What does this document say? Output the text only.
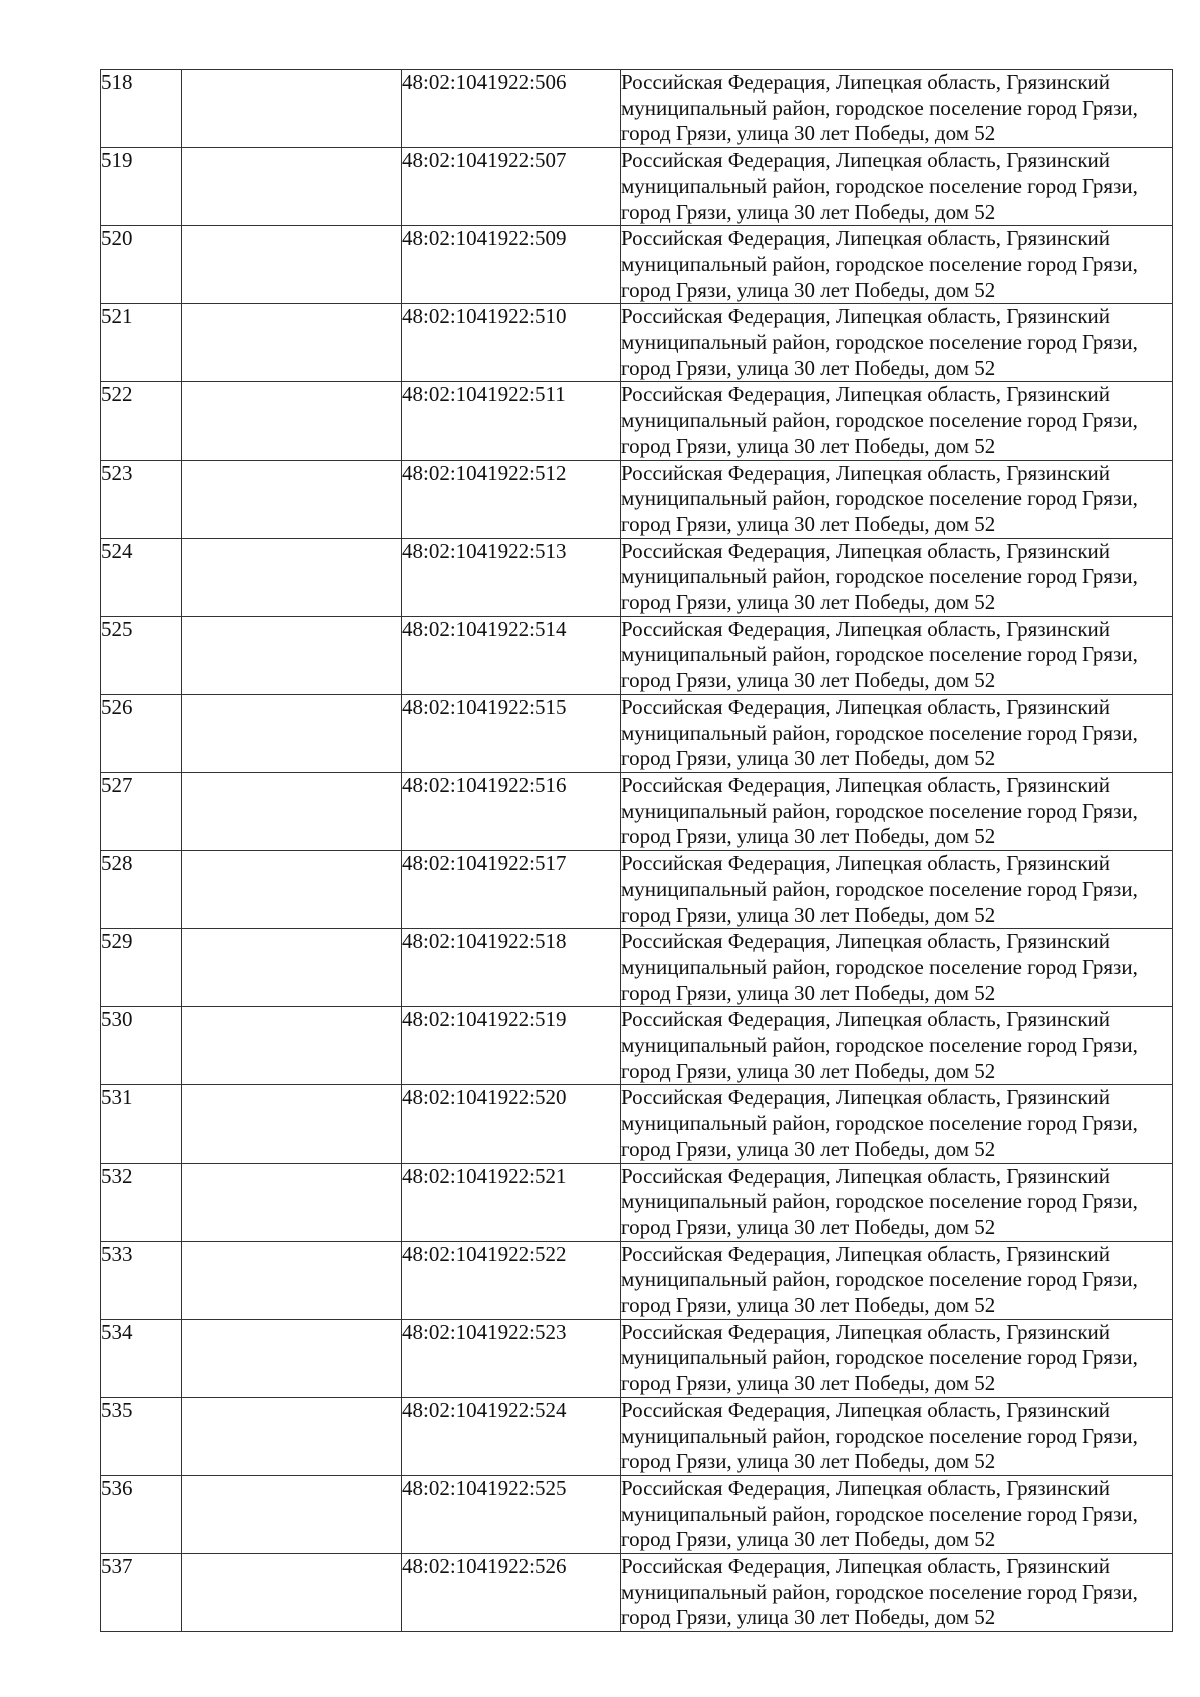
518		48:02:1041922:506	Российская Федерация, Липецкая область, Грязинский муниципальный район, городское поселение город Грязи, город Грязи, улица 30 лет Победы, дом 52

519		48:02:1041922:507	Российская Федерация, Липецкая область, Грязинский муниципальный район, городское поселение город Грязи, город Грязи, улица 30 лет Победы, дом 52

520		48:02:1041922:509	Российская Федерация, Липецкая область, Грязинский муниципальный район, городское поселение город Грязи, город Грязи, улица 30 лет Победы, дом 52

521		48:02:1041922:510	Российская Федерация, Липецкая область, Грязинский муниципальный район, городское поселение город Грязи, город Грязи, улица 30 лет Победы, дом 52

522		48:02:1041922:511	Российская Федерация, Липецкая область, Грязинский муниципальный район, городское поселение город Грязи, город Грязи, улица 30 лет Победы, дом 52

523		48:02:1041922:512	Российская Федерация, Липецкая область, Грязинский муниципальный район, городское поселение город Грязи, город Грязи, улица 30 лет Победы, дом 52

524		48:02:1041922:513	Российская Федерация, Липецкая область, Грязинский муниципальный район, городское поселение город Грязи, город Грязи, улица 30 лет Победы, дом 52

525		48:02:1041922:514	Российская Федерация, Липецкая область, Грязинский муниципальный район, городское поселение город Грязи, город Грязи, улица 30 лет Победы, дом 52

526		48:02:1041922:515	Российская Федерация, Липецкая область, Грязинский муниципальный район, городское поселение город Грязи, город Грязи, улица 30 лет Победы, дом 52

527		48:02:1041922:516	Российская Федерация, Липецкая область, Грязинский муниципальный район, городское поселение город Грязи, город Грязи, улица 30 лет Победы, дом 52

528		48:02:1041922:517	Российская Федерация, Липецкая область, Грязинский муниципальный район, городское поселение город Грязи, город Грязи, улица 30 лет Победы, дом 52

529		48:02:1041922:518	Российская Федерация, Липецкая область, Грязинский муниципальный район, городское поселение город Грязи, город Грязи, улица 30 лет Победы, дом 52

530		48:02:1041922:519	Российская Федерация, Липецкая область, Грязинский муниципальный район, городское поселение город Грязи, город Грязи, улица 30 лет Победы, дом 52

531		48:02:1041922:520	Российская Федерация, Липецкая область, Грязинский муниципальный район, городское поселение город Грязи, город Грязи, улица 30 лет Победы, дом 52

532		48:02:1041922:521	Российская Федерация, Липецкая область, Грязинский муниципальный район, городское поселение город Грязи, город Грязи, улица 30 лет Победы, дом 52

533		48:02:1041922:522	Российская Федерация, Липецкая область, Грязинский муниципальный район, городское поселение город Грязи, город Грязи, улица 30 лет Победы, дом 52

534		48:02:1041922:523	Российская Федерация, Липецкая область, Грязинский муниципальный район, городское поселение город Грязи, город Грязи, улица 30 лет Победы, дом 52

535		48:02:1041922:524	Российская Федерация, Липецкая область, Грязинский муниципальный район, городское поселение город Грязи, город Грязи, улица 30 лет Победы, дом 52

536		48:02:1041922:525	Российская Федерация, Липецкая область, Грязинский муниципальный район, городское поселение город Грязи, город Грязи, улица 30 лет Победы, дом 52

537		48:02:1041922:526	Российская Федерация, Липецкая область, Грязинский муниципальный район, городское поселение город Грязи, город Грязи, улица 30 лет Победы, дом 52
